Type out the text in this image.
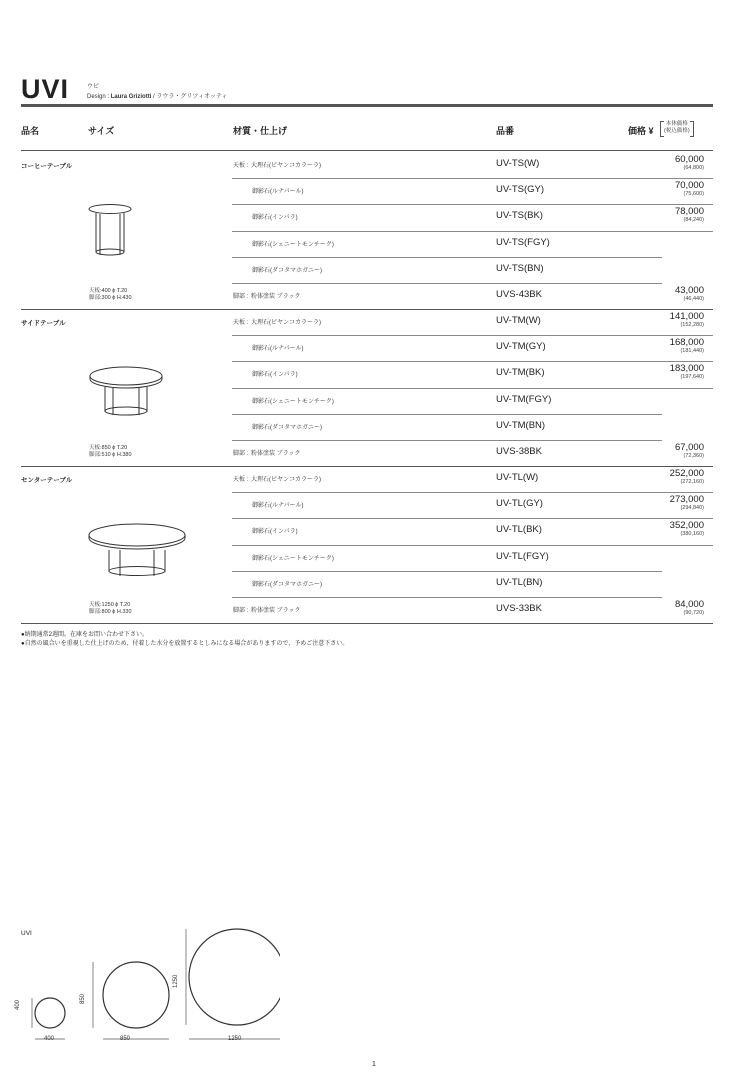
UVI	ウビ
Design : Laura Griziotti / ラウラ・グリツィオッティ
品名	サイズ	材質・仕上げ	品番	価格 ¥
本体価格
(税込価格)
コーヒーテーブル
天板:400 ϕ T.20
脚部:300 ϕ H.430
天板 : 大理石(ビヤンコカラーラ)	UV-TS(W)	60,000
(64,800)
御影石(ルナパール)	UV-TS(GY)	70,000
(75,600)
御影石(インパラ)	UV-TS(BK)	78,000
(84,240)
御影石(シェニートモンチーク)	UV-TS(FGY)
御影石(ダコタマホガニー)	UV-TS(BN)
脚部 : 粉体塗装 ブラック	UVS-43BK	43,000
(46,440)
サイドテーブル
天板:850 ϕ T.20
脚部:510 ϕ H.380
天板 : 大理石(ビヤンコカラーラ)	UV-TM(W)	141,000
(152,280)
御影石(ルナパール)	UV-TM(GY)	168,000
(181,440)
御影石(インパラ)	UV-TM(BK)	183,000
(197,640)
御影石(シェニートモンチーク)	UV-TM(FGY)
御影石(ダコタマホガニー)	UV-TM(BN)
脚部 : 粉体塗装 ブラック	UVS-38BK	67,000
(72,360)
センターテーブル
天板:1250 ϕ T.20
脚部:800 ϕ H.330
天板 : 大理石(ビヤンコカラーラ)	UV-TL(W)	252,000
(272,160)
御影石(ルナパール)	UV-TL(GY)	273,000
(294,840)
御影石(インパラ)	UV-TL(BK)	352,000
(380,160)
御影石(シェニートモンチーク)	UV-TL(FGY)
御影石(ダコタマホガニー)	UV-TL(BN)
脚部 : 粉体塗装 ブラック	UVS-33BK	84,000
(90,720)
●納期通常2週間。在庫をお問い合わせ下さい。
●自然の風合いを重視した仕上げのため、付着した水分を放置するとしみになる場合がありますので、予めご注意下さい。
UVI
400
400
850
850
1250
1250
1
